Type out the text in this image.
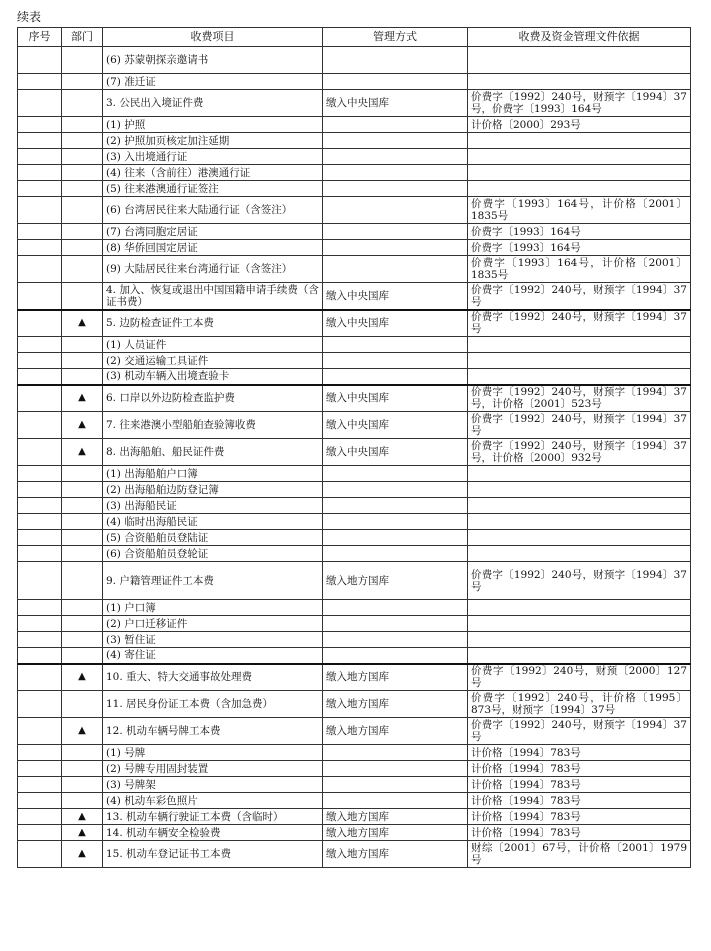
续表
序号	部门	收费项目	管理方式	收费及资金管理文件依据
		(6) 苏蒙朝探亲邀请书		
		(7) 准迁证		
		3. 公民出入境证件费	缴入中央国库	价费字〔1992〕240号，财预字〔1994〕37号，价费字〔1993〕164号
		(1) 护照		计价格〔2000〕293号
		(2) 护照加页核定加注延期		
		(3) 入出境通行证		
		(4) 往来（含前往）港澳通行证		
		(5) 往来港澳通行证签注		
		(6) 台湾居民往来大陆通行证（含签注）		价费字〔1993〕164号，计价格〔2001〕1835号
		(7) 台湾同胞定居证		价费字〔1993〕164号
		(8) 华侨回国定居证		价费字〔1993〕164号
		(9) 大陆居民往来台湾通行证（含签注）		价费字〔1993〕164号，计价格〔2001〕1835号
		4. 加入、恢复或退出中国国籍申请手续费（含证书费）	缴入中央国库	价费字〔1992〕240号，财预字〔1994〕37号
	▲	5. 边防检查证件工本费	缴入中央国库	价费字〔1992〕240号，财预字〔1994〕37号
		(1) 人员证件		
		(2) 交通运输工具证件		
		(3) 机动车辆入出境查验卡		
	▲	6. 口岸以外边防检查监护费	缴入中央国库	价费字〔1992〕240号，财预字〔1994〕37号，计价格〔2001〕523号
	▲	7. 往来港澳小型船舶查验簿收费	缴入中央国库	价费字〔1992〕240号，财预字〔1994〕37号
	▲	8. 出海船舶、船民证件费	缴入中央国库	价费字〔1992〕240号，财预字〔1994〕37号，计价格〔2000〕932号
		(1) 出海船舶户口簿		
		(2) 出海船舶边防登记簿		
		(3) 出海船民证		
		(4) 临时出海船民证		
		(5) 合资船舶员登陆证		
		(6) 合资船舶员登轮证		
		9. 户籍管理证件工本费	缴入地方国库	价费字〔1992〕240号，财预字〔1994〕37号
		(1) 户口簿		
		(2) 户口迁移证件		
		(3) 暂住证		
		(4) 寄住证		
	▲	10. 重大、特大交通事故处理费	缴入地方国库	价费字〔1992〕240号，财预〔2000〕127号
		11. 居民身份证工本费（含加急费）	缴入地方国库	价费字〔1992〕240号，计价格〔1995〕873号，财预字〔1994〕37号
	▲	12. 机动车辆号牌工本费	缴入地方国库	价费字〔1992〕240号，财预字〔1994〕37号
		(1) 号牌		计价格〔1994〕783号
		(2) 号牌专用固封装置		计价格〔1994〕783号
		(3) 号牌架		计价格〔1994〕783号
		(4) 机动车彩色照片		计价格〔1994〕783号
	▲	13. 机动车辆行驶证工本费（含临时）	缴入地方国库	计价格〔1994〕783号
	▲	14. 机动车辆安全检验费	缴入地方国库	计价格〔1994〕783号
	▲	15. 机动车登记证书工本费	缴入地方国库	财综〔2001〕67号，计价格〔2001〕1979号
